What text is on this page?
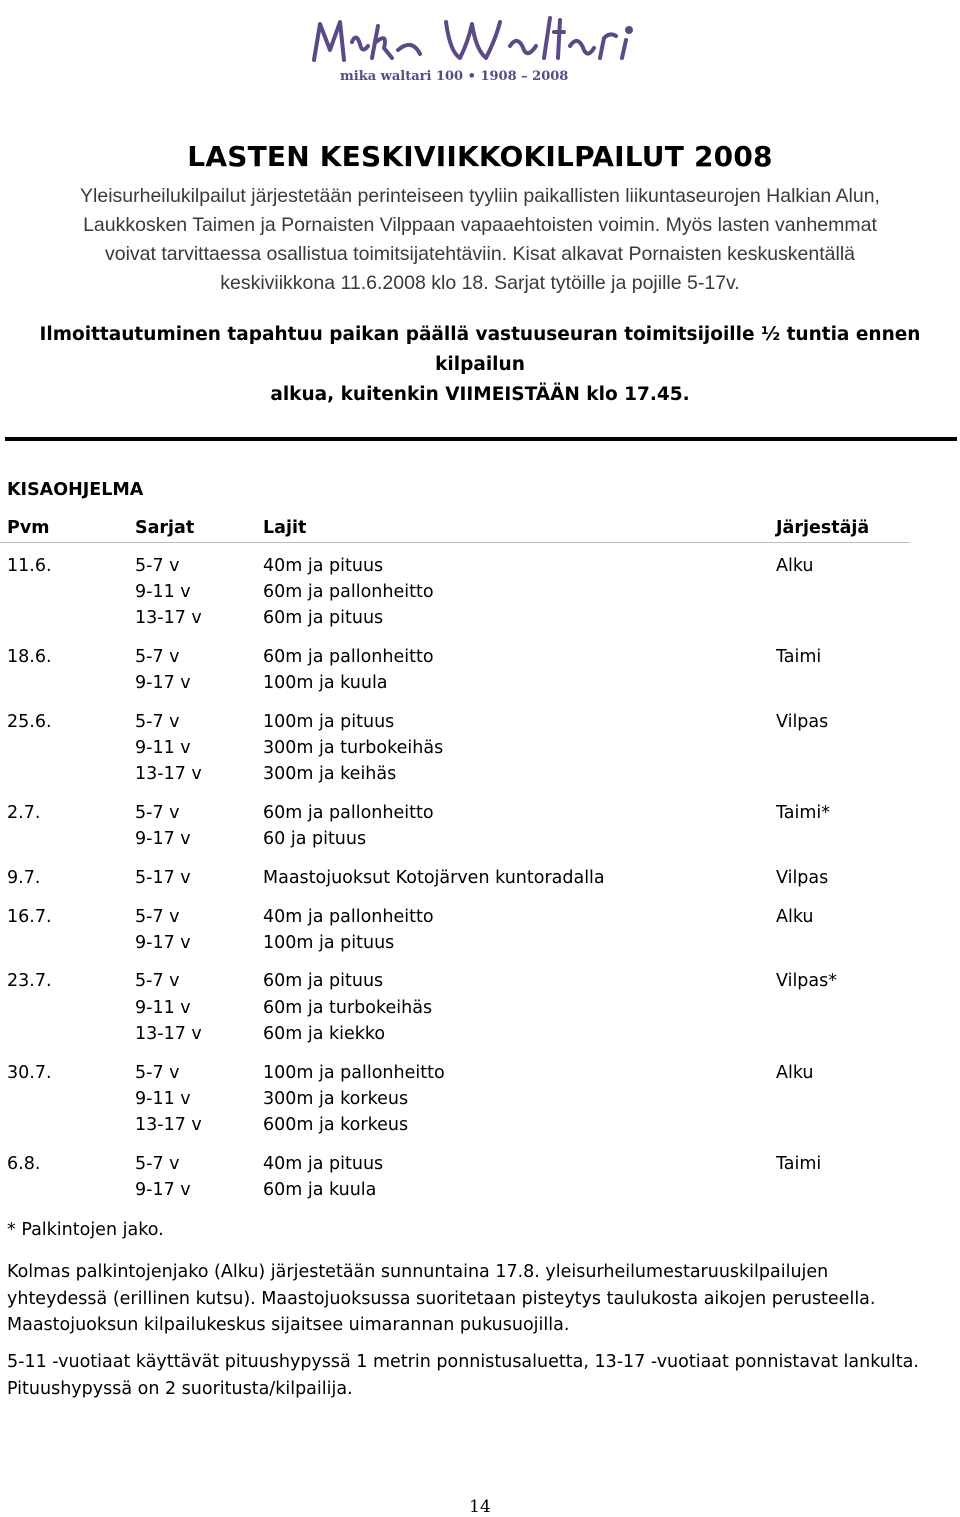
mika waltari 100 • 1908 – 2008
LASTEN KESKIVIIKKOKILPAILUT 2008
Yleisurheilukilpailut järjestetään perinteiseen tyyliin paikallisten liikuntaseurojen Halkian Alun,
Laukkosken Taimen ja Pornaisten Vilppaan vapaaehtoisten voimin. Myös lasten vanhemmat
voivat tarvittaessa osallistua toimitsijatehtäviin. Kisat alkavat Pornaisten keskuskentällä
keskiviikkona 11.6.2008 klo 18. Sarjat tytöille ja pojille 5-17v.
Ilmoittautuminen tapahtuu paikan päällä vastuuseuran toimitsijoille ½ tuntia ennen kilpailun
alkua, kuitenkin VIIMEISTÄÄN klo 17.45.
KISAOHJELMA
Pvm	Sarjat	Lajit	Järjestäjä
11.6.	5-7 v	40m ja pituus	Alku
9-11 v	60m ja pallonheitto
13-17 v	60m ja pituus
18.6.	5-7 v	60m ja pallonheitto	Taimi
9-17 v	100m ja kuula
25.6.	5-7 v	100m ja pituus	Vilpas
9-11 v	300m ja turbokeihäs
13-17 v	300m ja keihäs
2.7.	5-7 v	60m ja pallonheitto	Taimi*
9-17 v	60 ja pituus
9.7.	5-17 v	Maastojuoksut Kotojärven kuntoradalla	Vilpas
16.7.	5-7 v	40m ja pallonheitto	Alku
9-17 v	100m ja pituus
23.7.	5-7 v	60m ja pituus	Vilpas*
9-11 v	60m ja turbokeihäs
13-17 v	60m ja kiekko
30.7.	5-7 v	100m ja pallonheitto	Alku
9-11 v	300m ja korkeus
13-17 v	600m ja korkeus
6.8.	5-7 v	40m ja pituus	Taimi
9-17 v	60m ja kuula
* Palkintojen jako.
Kolmas palkintojenjako (Alku) järjestetään sunnuntaina 17.8. yleisurheilumestaruuskilpailujen
yhteydessä (erillinen kutsu). Maastojuoksussa suoritetaan pisteytys taulukosta aikojen perusteella.
Maastojuoksun kilpailukeskus sijaitsee uimarannan pukusuojilla.
5-11 -vuotiaat käyttävät pituushypyssä 1 metrin ponnistusaluetta, 13-17 -vuotiaat ponnistavat lankulta.
Pituushypyssä on 2 suoritusta/kilpailija.
14
